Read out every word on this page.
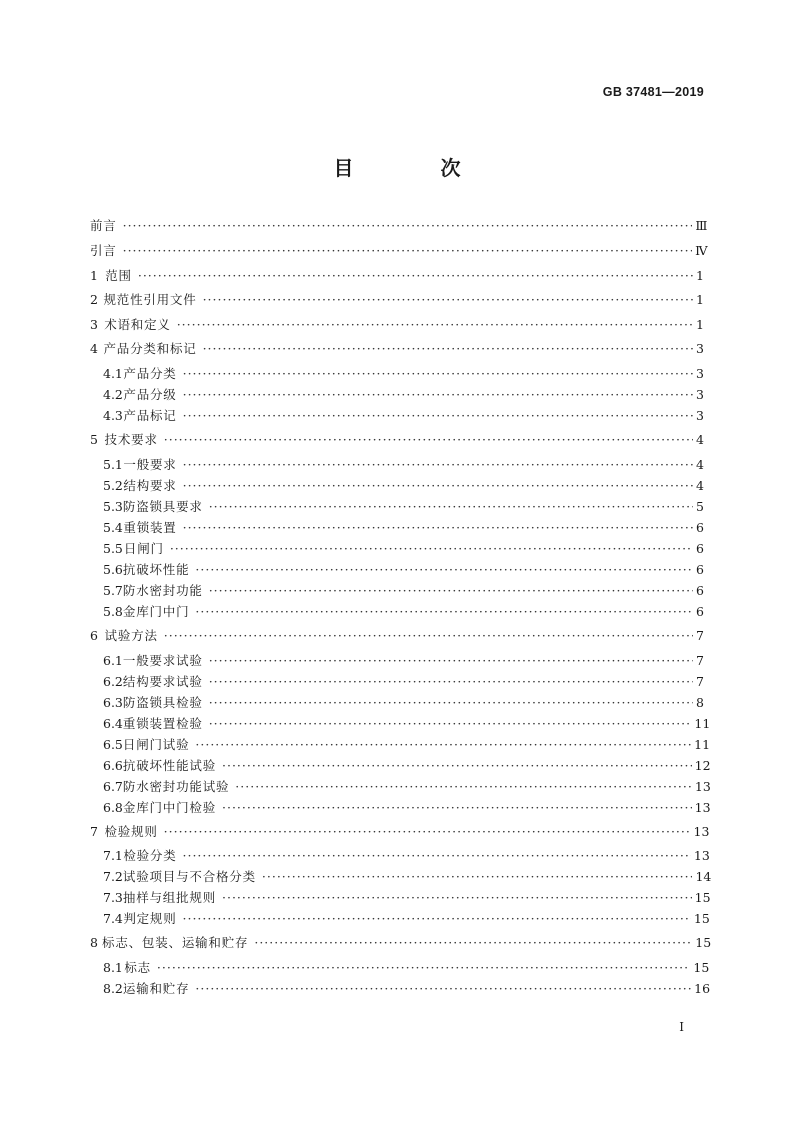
GB 37481—2019
目 次
前言 ·····	Ⅲ
引言 ·····	Ⅳ
1 范围 ·····	1
2 规范性引用文件 ·····	1
3 术语和定义 ·····	1
4 产品分类和标记 ·····	3
4.1 产品分类 ·····	3
4.2 产品分级 ·····	3
4.3 产品标记 ·····	3
5 技术要求 ·····	4
5.1 一般要求 ·····	4
5.2 结构要求 ·····	4
5.3 防盗锁具要求 ·····	5
5.4 重锁装置 ·····	6
5.5 日闸门 ·····	6
5.6 抗破坏性能 ·····	6
5.7 防水密封功能 ·····	6
5.8 金库门中门 ·····	6
6 试验方法 ·····	7
6.1 一般要求试验 ·····	7
6.2 结构要求试验 ·····	7
6.3 防盗锁具检验 ·····	8
6.4 重锁装置检验 ·····	11
6.5 日闸门试验 ·····	11
6.6 抗破坏性能试验 ·····	12
6.7 防水密封功能试验 ·····	13
6.8 金库门中门检验 ·····	13
7 检验规则 ·····	13
7.1 检验分类 ·····	13
7.2 试验项目与不合格分类 ·····	14
7.3 抽样与组批规则 ·····	15
7.4 判定规则 ·····	15
8 标志、包装、运输和贮存 ·····	15
8.1 标志 ·····	15
8.2 运输和贮存 ·····	16
I
